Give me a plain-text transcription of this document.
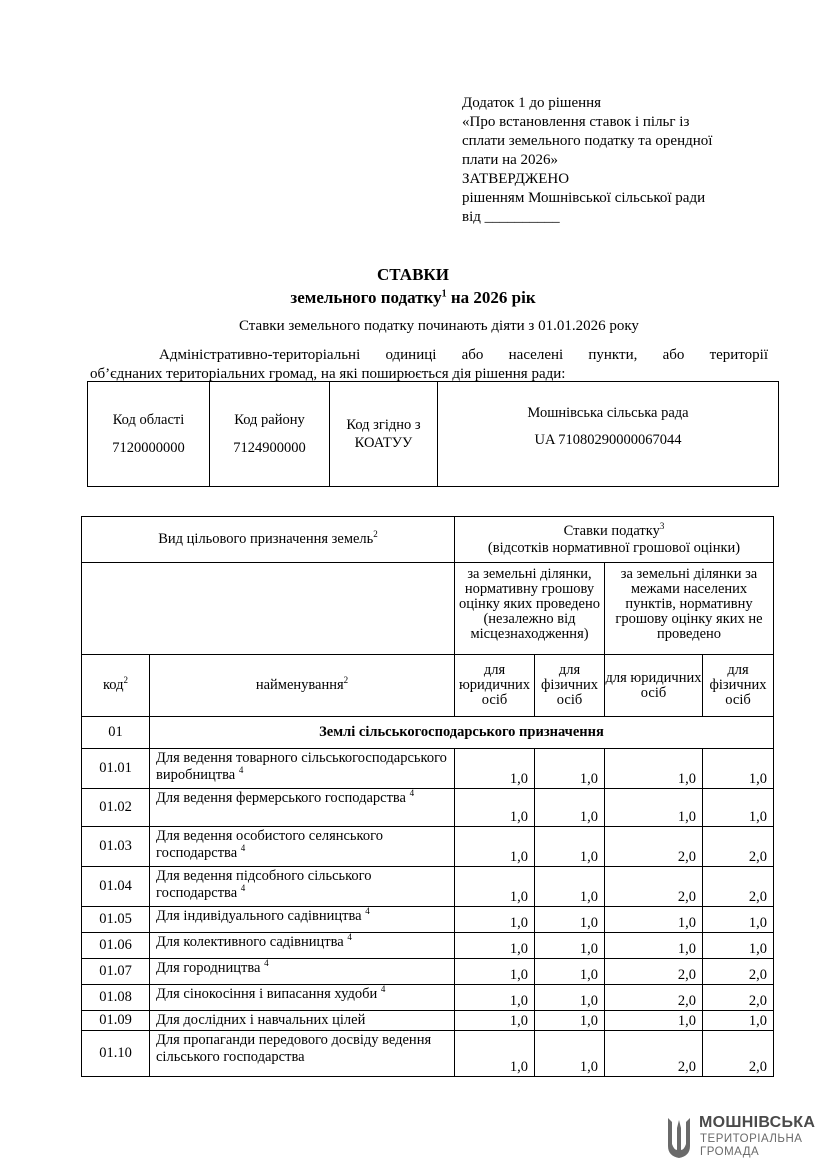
Додаток 1 до рішення
«Про встановлення ставок і пільг із
сплати земельного податку та орендної
плати на 2026»
ЗАТВЕРДЖЕНО
рішенням Мошнівської сільської ради
від __________
СТАВКИ
земельного податку$^1$ на 2026 рік
Ставки земельного податку починають діяти з 01.01.2026 року
Адміністративно-територіальні одиниці або населені пункти, або території
об’єднаних територіальних громад, на які поширюється дія рішення ради:
Код області
7120000000

Код району
7124900000

Код згідно з
КОАТУУ

Мошнівська сільська рада
UA 71080290000067044
Вид цільового призначення земель$^2$		Ставки податку$^3$
(відсотків нормативної грошової оцінки)			

		за земельні ділянки, нормативну грошову оцінку яких проведено (незалежно від місцезнаходження)		за земельні ділянки за межами населених пунктів, нормативну грошову оцінку яких не проведено	
код$^2$	найменування$^2$	для юридичних осіб	для фізичних осіб	для юридичних осіб	для фізичних осіб
01	Землі сільськогосподарського призначення				
01.01	Для ведення товарного сільськогосподарського виробництва $^4$	1,0	1,0	1,0	1,0
01.02	Для ведення фермерського господарства $^4$	1,0	1,0	1,0	1,0
01.03	Для ведення особистого селянського господарства $^4$	1,0	1,0	2,0	2,0
01.04	Для ведення підсобного сільського господарства $^4$	1,0	1,0	2,0	2,0
01.05	Для індивідуального садівництва $^4$	1,0	1,0	1,0	1,0
01.06	Для колективного садівництва $^4$	1,0	1,0	1,0	1,0
01.07	Для городництва $^4$	1,0	1,0	2,0	2,0
01.08	Для сінокосіння і випасання худоби $^4$	1,0	1,0	2,0	2,0
01.09	Для дослідних і навчальних цілей	1,0	1,0	1,0	1,0
01.10	Для пропаганди передового досвіду ведення сільського господарства	1,0	1,0	2,0	2,0
МОШНІВСЬКА
ТЕРИТОРІАЛЬНА
ГРОМАДА
